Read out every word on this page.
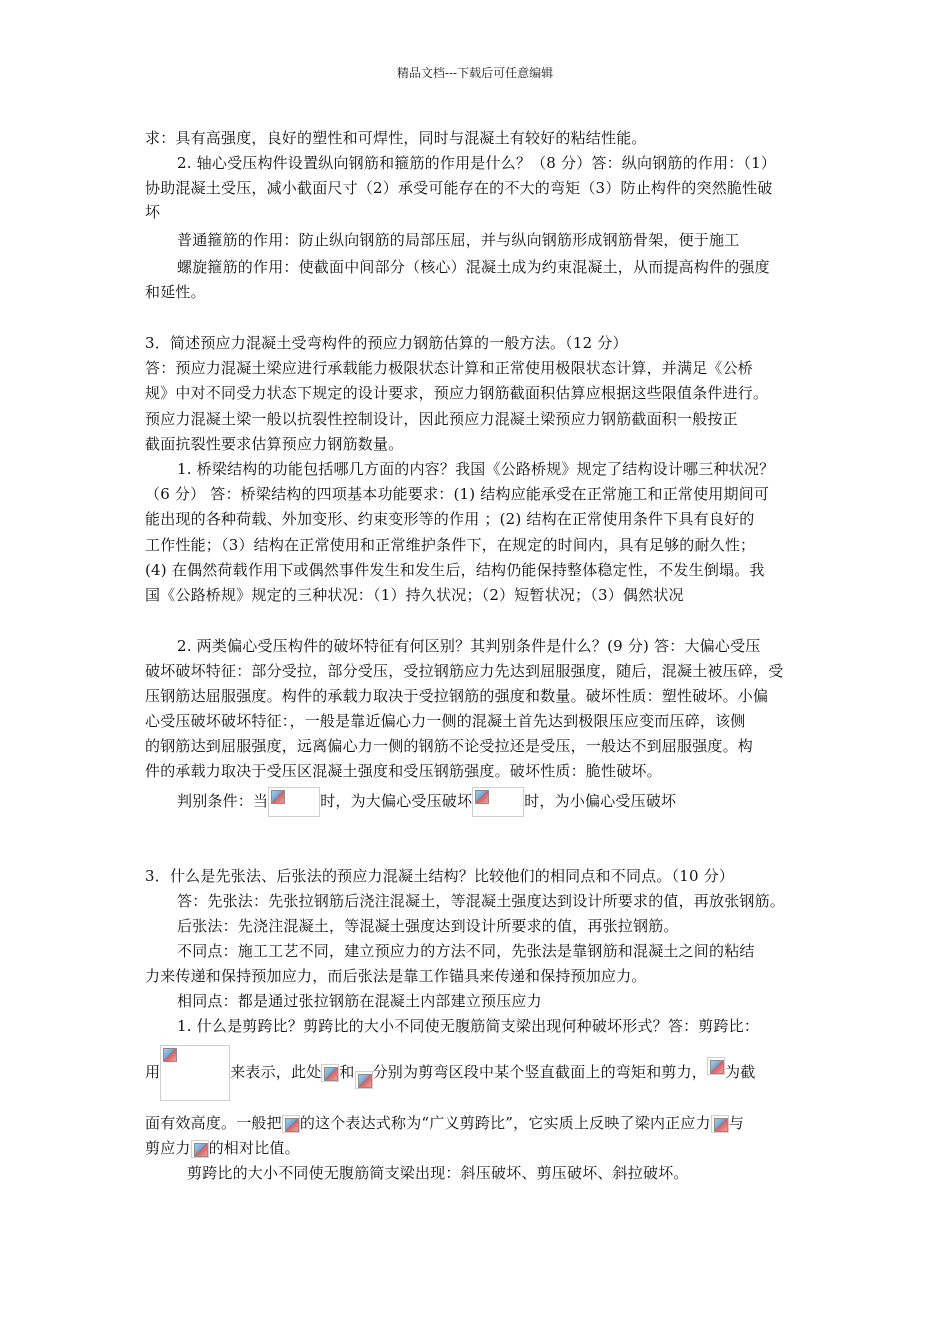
精品文档---下载后可任意编辑
求：具有高强度，良好的塑性和可焊性，同时与混凝土有较好的粘结性能。
2. 轴心受压构件设置纵向钢筋和箍筋的作用是什么？（8 分）答：纵向钢筋的作用：（1）
协助混凝土受压，减小截面尺寸（2）承受可能存在的不大的弯矩（3）防止构件的突然脆性破
坏
普通箍筋的作用：防止纵向钢筋的局部压屈，并与纵向钢筋形成钢筋骨架，便于施工
螺旋箍筋的作用：使截面中间部分（核心）混凝土成为约束混凝土，从而提高构件的强度
和延性。
3．简述预应力混凝土受弯构件的预应力钢筋估算的一般方法。（12 分）
答：预应力混凝土梁应进行承载能力极限状态计算和正常使用极限状态计算，并满足《公桥
规》中对不同受力状态下规定的设计要求，预应力钢筋截面积估算应根据这些限值条件进行。
预应力混凝土梁一般以抗裂性控制设计，因此预应力混凝土梁预应力钢筋截面积一般按正
截面抗裂性要求估算预应力钢筋数量。
1. 桥梁结构的功能包括哪几方面的内容？我国《公路桥规》规定了结构设计哪三种状况？
（6 分） 答：桥梁结构的四项基本功能要求：(1) 结构应能承受在正常施工和正常使用期间可
能出现的各种荷载、外加变形、约束变形等的作用 ；(2) 结构在正常使用条件下具有良好的
工作性能；（3）结构在正常使用和正常维护条件下，在规定的时间内，具有足够的耐久性；
(4) 在偶然荷载作用下或偶然事件发生和发生后，结构仍能保持整体稳定性，不发生倒塌。我
国《公路桥规》规定的三种状况：（1）持久状况；（2）短暂状况；（3）偶然状况
2. 两类偏心受压构件的破坏特征有何区别？其判别条件是什么？(9 分) 答：大偏心受压
破坏破坏特征：部分受拉，部分受压，受拉钢筋应力先达到屈服强度，随后，混凝土被压碎，受
压钢筋达屈服强度。构件的承载力取决于受拉钢筋的强度和数量。破坏性质：塑性破坏。小偏
心受压破坏破坏特征：，一般是靠近偏心力一侧的混凝土首先达到极限压应变而压碎，该侧
的钢筋达到屈服强度，远离偏心力一侧的钢筋不论受拉还是受压，一般达不到屈服强度。构
件的承载力取决于受压区混凝土强度和受压钢筋强度。破坏性质：脆性破坏。
判别条件：当	时，为大偏心受压破坏	时，为小偏心受压破坏
3．什么是先张法、后张法的预应力混凝土结构？比较他们的相同点和不同点。（10 分）
答：先张法：先张拉钢筋后浇注混凝土，等混凝土强度达到设计所要求的值，再放张钢筋。
后张法：先浇注混凝土，等混凝土强度达到设计所要求的值，再张拉钢筋。
不同点：施工工艺不同，建立预应力的方法不同，先张法是靠钢筋和混凝土之间的粘结
力来传递和保持预加应力，而后张法是靠工作锚具来传递和保持预加应力。
相同点：都是通过张拉钢筋在混凝土内部建立预压应力
1. 什么是剪跨比？剪跨比的大小不同使无腹筋简支梁出现何种破坏形式？答：剪跨比：
用	来表示，此处 和 分别为剪弯区段中某个竖直截面上的弯矩和剪力， 为截
面有效高度。一般把 的这个表达式称为“广义剪跨比”，它实质上反映了梁内正应力 与
剪应力 的相对比值。
剪跨比的大小不同使无腹筋简支梁出现：斜压破坏、剪压破坏、斜拉破坏。
